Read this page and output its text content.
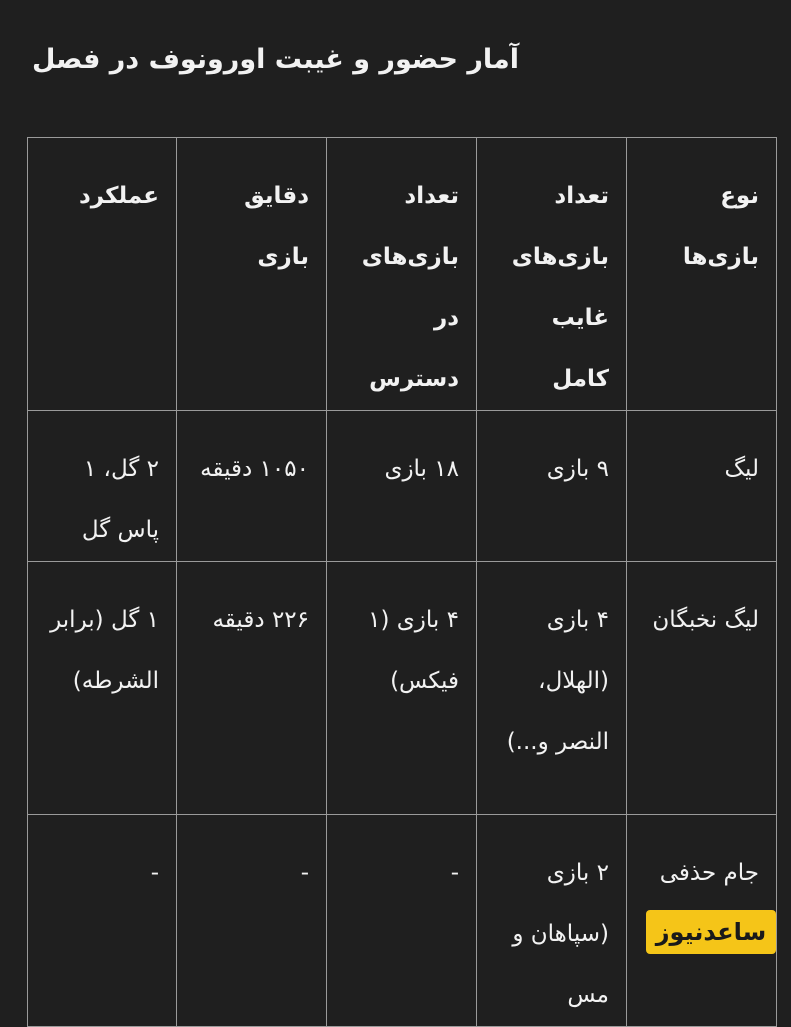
آمار حضور و غیبت اورونوف در فصل
نوع بازی‌ها	تعداد بازی‌های غایب کامل	تعداد بازی‌های در دسترس	دقایق بازی	عملکرد
لیگ	۹ بازی	۱۸ بازی	۱۰۵۰ دقیقه	۲ گل، ۱ پاس گل
لیگ نخبگان	۴ بازی (الهلال، النصر و...)	۴ بازی (۱ فیکس)	۲۲۶ دقیقه	۱ گل (برابر الشرطه)
جام حذفی	۲ بازی (سپاهان و مس	-	-	-
ساعدنیوز
